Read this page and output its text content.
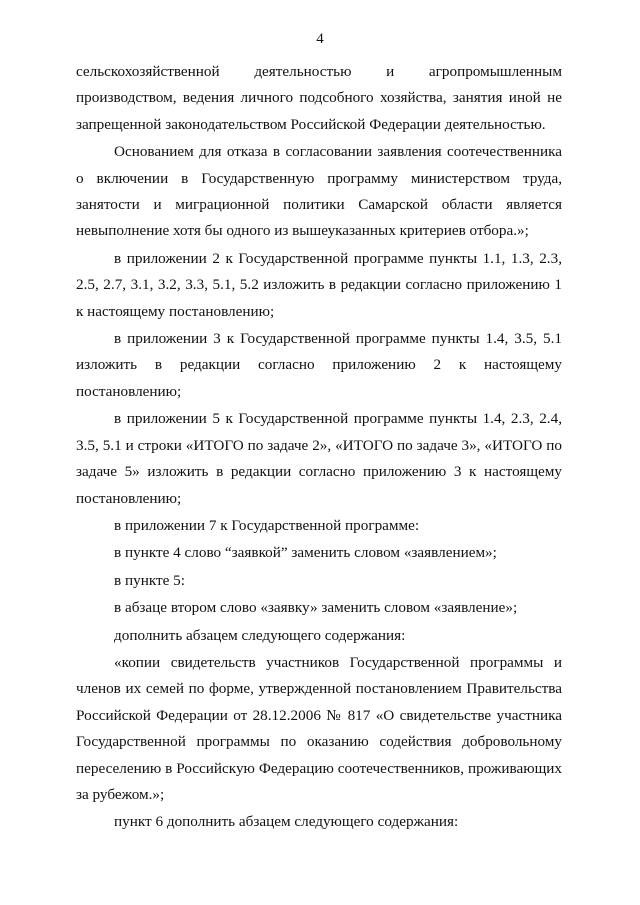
4

сельскохозяйственной деятельностью и агропромышленным производством, ведения личного подсобного хозяйства, занятия иной не запрещенной законодательством Российской Федерации деятельностью.

Основанием для отказа в согласовании заявления соотечественника о включении в Государственную программу министерством труда, занятости и миграционной политики Самарской области является невыполнение хотя бы одного из вышеуказанных критериев отбора.»;

в приложении 2 к Государственной программе пункты 1.1, 1.3, 2.3, 2.5, 2.7, 3.1, 3.2, 3.3, 5.1, 5.2 изложить в редакции согласно приложению 1 к настоящему постановлению;

в приложении 3 к Государственной программе пункты 1.4, 3.5, 5.1 изложить в редакции согласно приложению 2 к настоящему постановлению;

в приложении 5 к Государственной программе пункты 1.4, 2.3, 2.4, 3.5, 5.1 и строки «ИТОГО по задаче 2», «ИТОГО по задаче 3», «ИТОГО по задаче 5» изложить в редакции согласно приложению 3 к настоящему постановлению;

в приложении 7 к Государственной программе:

в пункте 4 слово “заявкой” заменить словом «заявлением»;

в пункте 5:

в абзаце втором слово «заявку» заменить словом «заявление»;

дополнить абзацем следующего содержания:

«копии свидетельств участников Государственной программы и членов их семей по форме, утвержденной постановлением Правительства Российской Федерации от 28.12.2006 № 817 «О свидетельстве участника Государственной программы по оказанию содействия добровольному переселению в Российскую Федерацию соотечественников, проживающих за рубежом.»;

пункт 6 дополнить абзацем следующего содержания:
